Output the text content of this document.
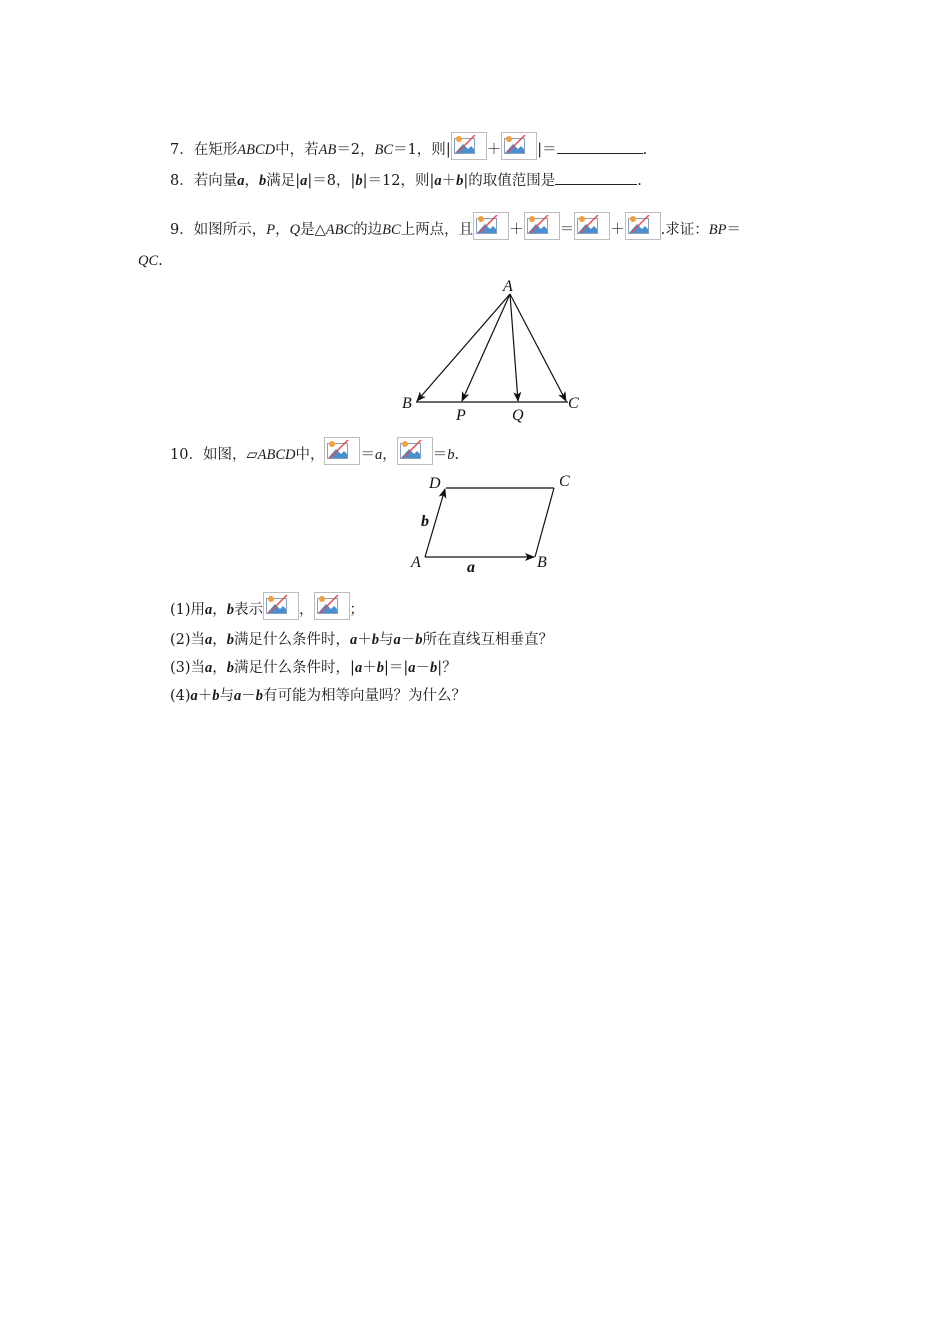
7．在矩形ABCD中，若AB＝2，BC＝1，则| ＋ |＝	.
8．若向量a，b满足|a|＝8，|b|＝12，则|a＋b|的取值范围是	.
9．如图所示，P，Q是△ABC的边BC上两点，且 ＋ ＝ ＋ .求证：BP＝
QC.
A
B
P	Q
C
10．如图，▱ABCD中， ＝a， ＝b.
D	C
A	B
a
b
(1)用a，b表示 ， ；
(2)当a，b满足什么条件时，a＋b与a－b所在直线互相垂直？
(3)当a，b满足什么条件时，|a＋b|＝|a－b|？
(4)a＋b与a－b有可能为相等向量吗？为什么？
